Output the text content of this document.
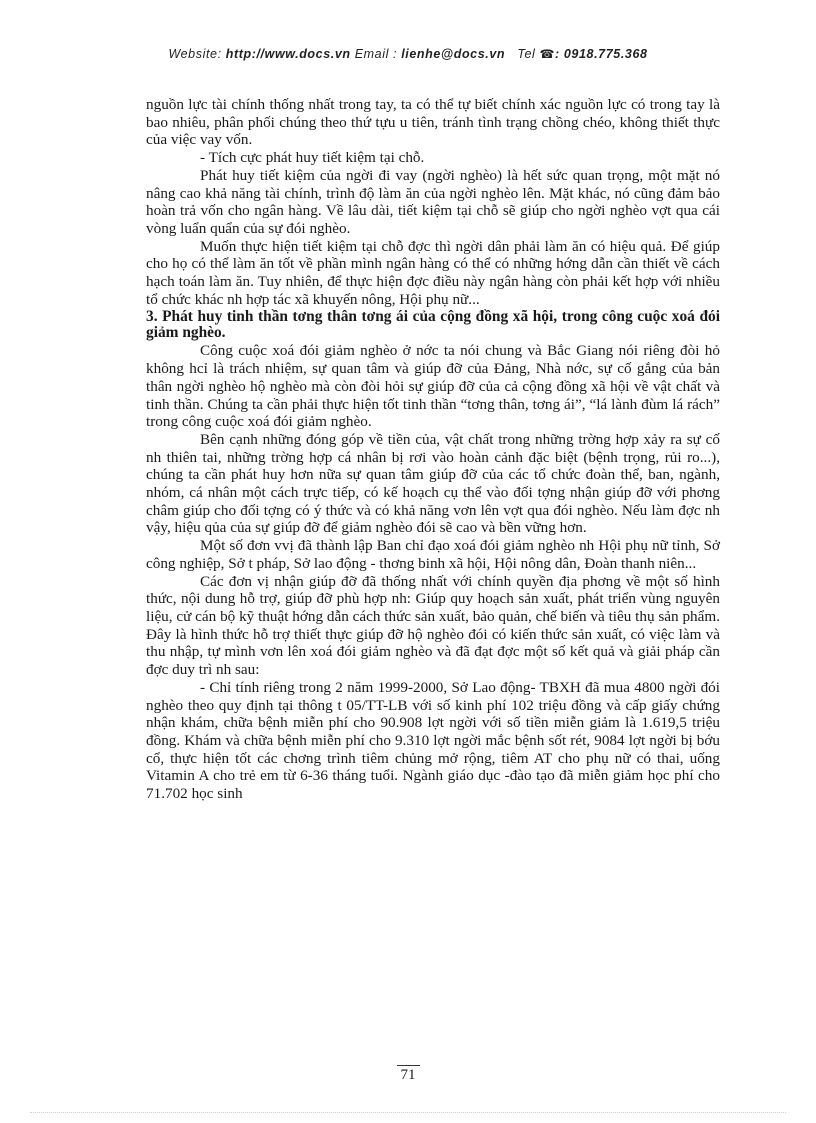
Website: http://www.docs.vn Email : lienhe@docs.vn Tel ☎: 0918.775.368

nguồn lực tài chính thống nhất trong tay, ta có thể tự biết chính xác nguồn lực có trong tay là bao nhiêu, phân phối chúng theo thứ tựu u tiên, tránh tình trạng chồng chéo, không thiết thực của việc vay vốn.

- Tích cực phát huy tiết kiệm tại chỗ.

Phát huy tiết kiệm của ngời đi vay (ngời nghèo) là hết sức quan trọng, một mặt nó nâng cao khả năng tài chính, trình độ làm ăn của ngời nghèo lên. Mặt khác, nó cũng đảm bảo hoàn trả vốn cho ngân hàng. Về lâu dài, tiết kiệm tại chỗ sẽ giúp cho ngời nghèo vợt qua cái vòng luẩn quẩn của sự đói nghèo.

Muốn thực hiện tiết kiệm tại chỗ đợc thì ngời dân phải làm ăn có hiệu quả. Để giúp cho họ có thể làm ăn tốt về phần mình ngân hàng có thể có những hớng dẫn cần thiết về cách hạch toán làm ăn. Tuy nhiên, để thực hiện đợc điều này ngân hàng còn phải kết hợp với nhiều tổ chức khác nh hợp tác xã khuyến nông, Hội phụ nữ...

3. Phát huy tinh thần tơng thân tơng ái của cộng đồng xã hội, trong công cuộc xoá đói giảm nghèo.

Công cuộc xoá đói giảm nghèo ở nớc ta nói chung và Bắc Giang nói riêng đòi hỏ không hcỉ là trách nhiệm, sự quan tâm và giúp đỡ của Đảng, Nhà nớc, sự cố gắng của bản thân ngời nghèo hộ nghèo mà còn đòi hỏi sự giúp đỡ của cả cộng đồng xã hội về vật chất và tinh thần. Chúng ta cần phải thực hiện tốt tinh thần “tơng thân, tơng ái”, “lá lành đùm lá rách” trong công cuộc xoá đói giảm nghèo.

Bên cạnh những đóng góp về tiền của, vật chất trong những trờng hợp xảy ra sự cố nh thiên tai, những trờng hợp cá nhân bị rơi vào hoàn cảnh đặc biệt (bệnh trọng, rủi ro...), chúng ta cần phát huy hơn nữa sự quan tâm giúp đỡ của các tổ chức đoàn thể, ban, ngành, nhóm, cá nhân một cách trực tiếp, có kế hoạch cụ thể vào đối tợng nhận giúp đỡ với phơng châm giúp cho đối tợng có ý thức và có khả năng vơn lên vợt qua đói nghèo. Nếu làm đợc nh vậy, hiệu qủa của sự giúp đỡ để giảm nghèo đói sẽ cao và bền vững hơn.

Một số đơn vvị đã thành lập Ban chỉ đạo xoá đói giảm nghèo nh Hội phụ nữ tỉnh, Sở công nghiệp, Sở t pháp, Sở lao động - thơng binh xã hội, Hội nông dân, Đoàn thanh niên...

Các đơn vị nhận giúp đỡ đã thống nhất với chính quyền địa phơng về một số hình thức, nội dung hỗ trợ, giúp đỡ phù hợp nh: Giúp quy hoạch sản xuất, phát triển vùng nguyên liệu, cử cán bộ kỹ thuật hớng dẫn cách thức sản xuất, bảo quản, chế biến và tiêu thụ sản phẩm. Đây là hình thức hỗ trợ thiết thực giúp đỡ hộ nghèo đói có kiến thức sản xuất, có việc làm và thu nhập, tự mình vơn lên xoá đói giảm nghèo và đã đạt đợc một số kết quả và giải pháp cần đợc duy trì nh sau:

- Chỉ tính riêng trong 2 năm 1999-2000, Sở Lao động- TBXH đã mua 4800 ngời đói nghèo theo quy định tại thông t 05/TT-LB với số kinh phí 102 triệu đồng và cấp giấy chứng nhận khám, chữa bệnh miễn phí cho 90.908 lợt ngời với số tiền miễn giảm là 1.619,5 triệu đồng. Khám và chữa bệnh miễn phí cho 9.310 lợt ngời mắc bệnh sốt rét, 9084 lợt ngời bị bớu cổ, thực hiện tốt các chơng trình tiêm chủng mở rộng, tiêm AT cho phụ nữ có thai, uống Vitamin A cho trẻ em từ 6-36 tháng tuổi. Ngành giáo dục -đào tạo đã miễn giảm học phí cho 71.702 học sinh

71
